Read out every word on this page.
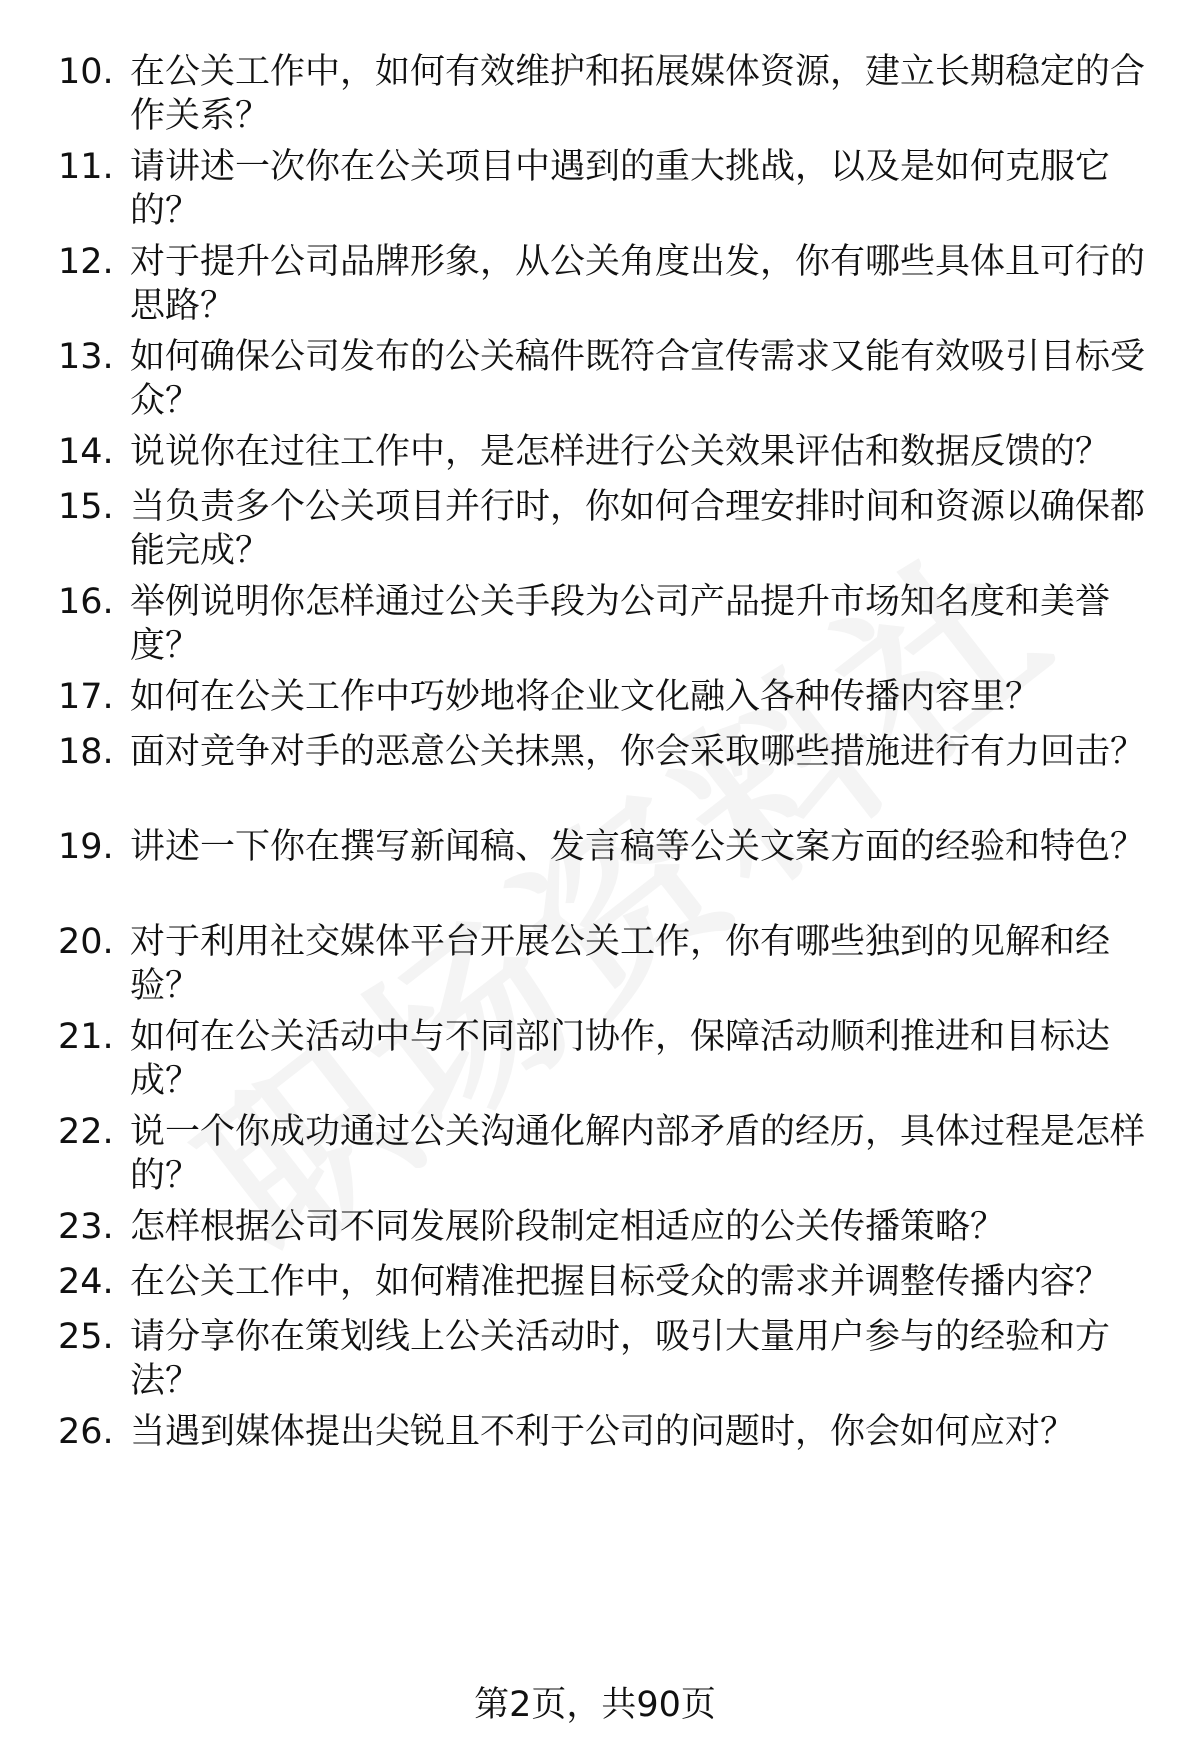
10. 在公关工作中，如何有效维护和拓展媒体资源，建立长期稳定的合作关系？
11. 请讲述一次你在公关项目中遇到的重大挑战，以及是如何克服它的？
12. 对于提升公司品牌形象，从公关角度出发，你有哪些具体且可行的思路？
13. 如何确保公司发布的公关稿件既符合宣传需求又能有效吸引目标受众？
14. 说说你在过往工作中，是怎样进行公关效果评估和数据反馈的？
15. 当负责多个公关项目并行时，你如何合理安排时间和资源以确保都能完成？
16. 举例说明你怎样通过公关手段为公司产品提升市场知名度和美誉度？
17. 如何在公关工作中巧妙地将企业文化融入各种传播内容里？
18. 面对竞争对手的恶意公关抹黑，你会采取哪些措施进行有力回击？
19. 讲述一下你在撰写新闻稿、发言稿等公关文案方面的经验和特色？
20. 对于利用社交媒体平台开展公关工作，你有哪些独到的见解和经验？
21. 如何在公关活动中与不同部门协作，保障活动顺利推进和目标达成？
22. 说一个你成功通过公关沟通化解内部矛盾的经历，具体过程是怎样的？
23. 怎样根据公司不同发展阶段制定相适应的公关传播策略？
24. 在公关工作中，如何精准把握目标受众的需求并调整传播内容？
25. 请分享你在策划线上公关活动时，吸引大量用户参与的经验和方法？
26. 当遇到媒体提出尖锐且不利于公司的问题时，你会如何应对？
第2页，共90页
